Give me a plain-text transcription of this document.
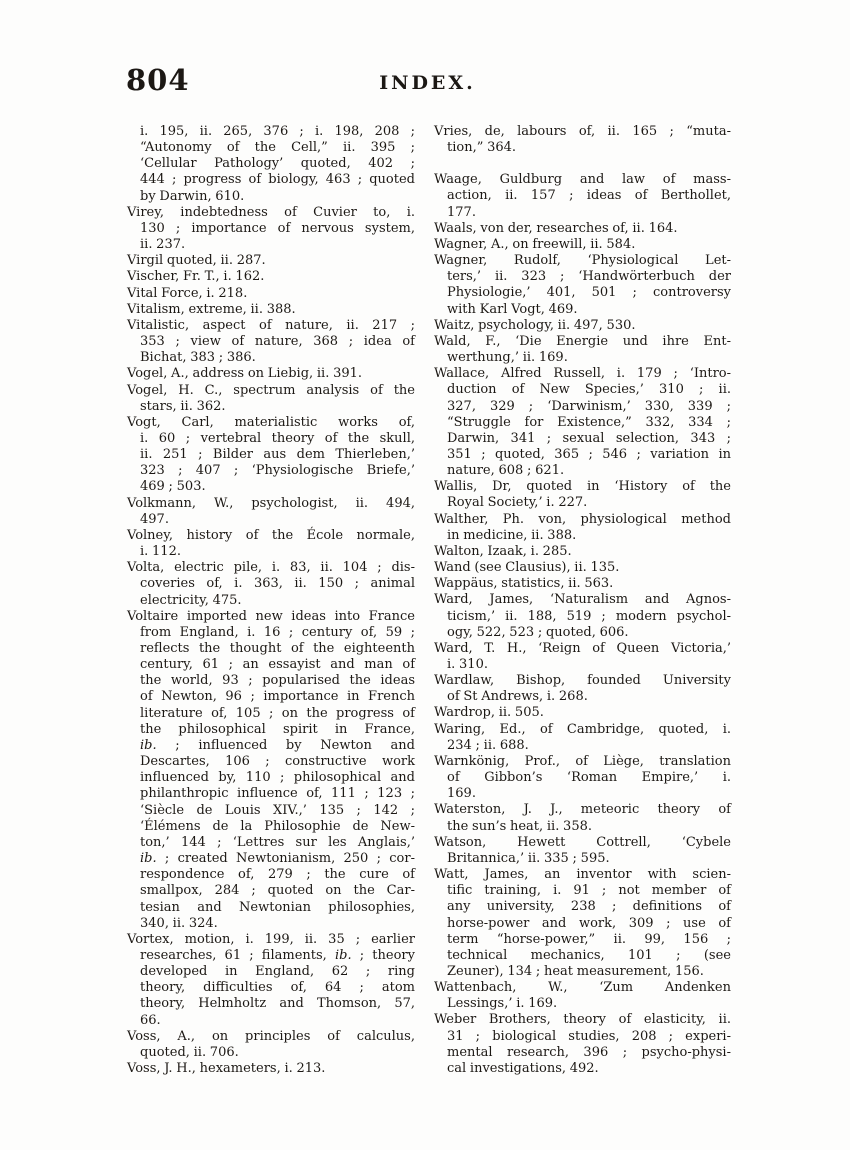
804	INDEX.
i. 195, ii. 265, 376 ; i. 198, 208 ;
“Autonomy of the Cell,” ii. 395 ;
‘Cellular Pathology’ quoted, 402 ;
444 ; progress of biology, 463 ; quoted
by Darwin, 610.
Virey, indebtedness of Cuvier to, i.
130 ; importance of nervous system,
ii. 237.
Virgil quoted, ii. 287.
Vischer, Fr. T., i. 162.
Vital Force, i. 218.
Vitalism, extreme, ii. 388.
Vitalistic, aspect of nature, ii. 217 ;
353 ; view of nature, 368 ; idea of
Bichat, 383 ; 386.
Vogel, A., address on Liebig, ii. 391.
Vogel, H. C., spectrum analysis of the
stars, ii. 362.
Vogt, Carl, materialistic works of,
i. 60 ; vertebral theory of the skull,
ii. 251 ; Bilder aus dem Thierleben,’
323 ; 407 ; ‘Physiologische Briefe,’
469 ; 503.
Volkmann, W., psychologist, ii. 494,
497.
Volney, history of the École normale,
i. 112.
Volta, electric pile, i. 83, ii. 104 ; dis-
coveries of, i. 363, ii. 150 ; animal
electricity, 475.
Voltaire imported new ideas into France
from England, i. 16 ; century of, 59 ;
reflects the thought of the eighteenth
century, 61 ; an essayist and man of
the world, 93 ; popularised the ideas
of Newton, 96 ; importance in French
literature of, 105 ; on the progress of
the philosophical spirit in France,
ib. ; influenced by Newton and
Descartes, 106 ; constructive work
influenced by, 110 ; philosophical and
philanthropic influence of, 111 ; 123 ;
‘Siècle de Louis XIV.,’ 135 ; 142 ;
‘Élémens de la Philosophie de New-
ton,’ 144 ; ‘Lettres sur les Anglais,’
ib. ; created Newtonianism, 250 ; cor-
respondence of, 279 ; the cure of
smallpox, 284 ; quoted on the Car-
tesian and Newtonian philosophies,
340, ii. 324.
Vortex, motion, i. 199, ii. 35 ; earlier
researches, 61 ; filaments, ib. ; theory
developed in England, 62 ; ring
theory, difficulties of, 64 ; atom
theory, Helmholtz and Thomson, 57,
66.
Voss, A., on principles of calculus,
quoted, ii. 706.
Voss, J. H., hexameters, i. 213.
Vries, de, labours of, ii. 165 ; “muta-
tion,” 364.
Waage, Guldburg and law of mass-
action, ii. 157 ; ideas of Berthollet,
177.
Waals, von der, researches of, ii. 164.
Wagner, A., on freewill, ii. 584.
Wagner, Rudolf, ‘Physiological Let-
ters,’ ii. 323 ; ‘Handwörterbuch der
Physiologie,’ 401, 501 ; controversy
with Karl Vogt, 469.
Waitz, psychology, ii. 497, 530.
Wald, F., ‘Die Energie und ihre Ent-
werthung,’ ii. 169.
Wallace, Alfred Russell, i. 179 ; ‘Intro-
duction of New Species,’ 310 ; ii.
327, 329 ; ‘Darwinism,’ 330, 339 ;
“Struggle for Existence,” 332, 334 ;
Darwin, 341 ; sexual selection, 343 ;
351 ; quoted, 365 ; 546 ; variation in
nature, 608 ; 621.
Wallis, Dr, quoted in ‘History of the
Royal Society,’ i. 227.
Walther, Ph. von, physiological method
in medicine, ii. 388.
Walton, Izaak, i. 285.
Wand (see Clausius), ii. 135.
Wappäus, statistics, ii. 563.
Ward, James, ‘Naturalism and Agnos-
ticism,’ ii. 188, 519 ; modern psychol-
ogy, 522, 523 ; quoted, 606.
Ward, T. H., ‘Reign of Queen Victoria,’
i. 310.
Wardlaw, Bishop, founded University
of St Andrews, i. 268.
Wardrop, ii. 505.
Waring, Ed., of Cambridge, quoted, i.
234 ; ii. 688.
Warnkönig, Prof., of Liège, translation
of Gibbon’s ‘Roman Empire,’ i.
169.
Waterston, J. J., meteoric theory of
the sun’s heat, ii. 358.
Watson, Hewett Cottrell, ‘Cybele
Britannica,’ ii. 335 ; 595.
Watt, James, an inventor with scien-
tific training, i. 91 ; not member of
any university, 238 ; definitions of
horse-power and work, 309 ; use of
term “horse-power,” ii. 99, 156 ;
technical mechanics, 101 ; (see
Zeuner), 134 ; heat measurement, 156.
Wattenbach, W., ‘Zum Andenken
Lessings,’ i. 169.
Weber Brothers, theory of elasticity, ii.
31 ; biological studies, 208 ; experi-
mental research, 396 ; psycho-physi-
cal investigations, 492.
